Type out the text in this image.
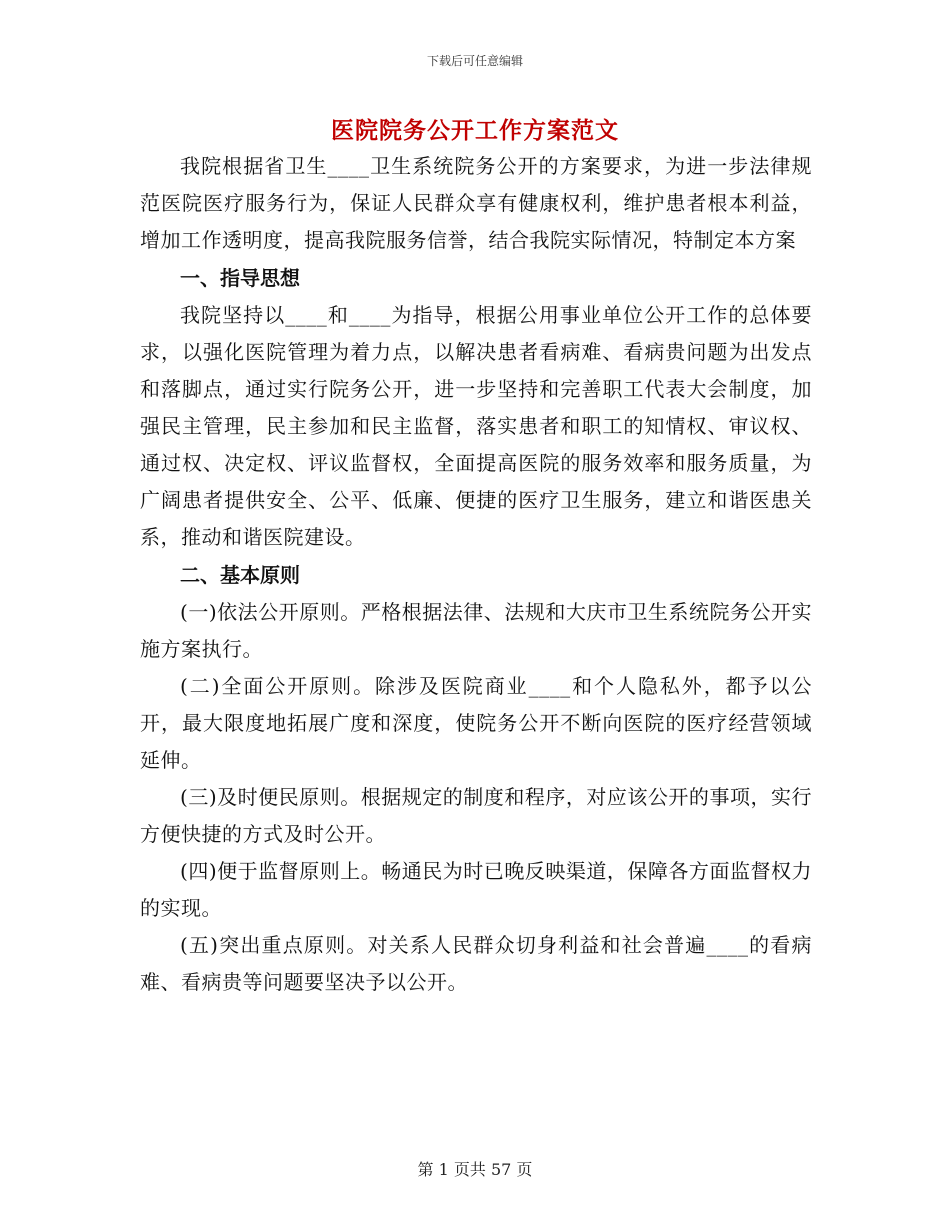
下载后可任意编辑
医院院务公开工作方案范文

我院根据省卫生____卫生系统院务公开的方案要求，为进一步法律规范医院医疗服务行为，保证人民群众享有健康权利，维护患者根本利益，增加工作透明度，提高我院服务信誉，结合我院实际情况，特制定本方案

一、指导思想

我院坚持以____和____为指导，根据公用事业单位公开工作的总体要求，以强化医院管理为着力点，以解决患者看病难、看病贵问题为出发点和落脚点，通过实行院务公开，进一步坚持和完善职工代表大会制度，加强民主管理，民主参加和民主监督，落实患者和职工的知情权、审议权、通过权、决定权、评议监督权，全面提高医院的服务效率和服务质量，为广阔患者提供安全、公平、低廉、便捷的医疗卫生服务，建立和谐医患关系，推动和谐医院建设。

二、基本原则

(一)依法公开原则。严格根据法律、法规和大庆市卫生系统院务公开实施方案执行。

(二)全面公开原则。除涉及医院商业____和个人隐私外，都予以公开，最大限度地拓展广度和深度，使院务公开不断向医院的医疗经营领域延伸。

(三)及时便民原则。根据规定的制度和程序，对应该公开的事项，实行方便快捷的方式及时公开。

(四)便于监督原则上。畅通民为时已晚反映渠道，保障各方面监督权力的实现。

(五)突出重点原则。对关系人民群众切身利益和社会普遍____的看病难、看病贵等问题要坚决予以公开。

第 1 页共 57 页
